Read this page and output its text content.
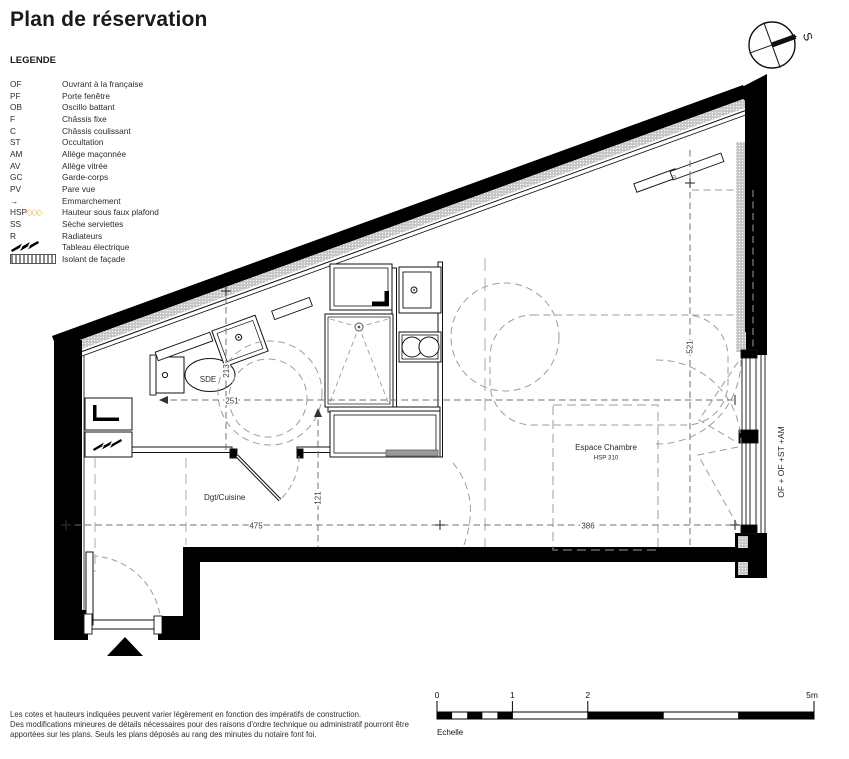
R
SDE
Dgt/Cuisine
Espace Chambre
HSP 310
475	386
251
121
213
521
OF + OF +ST +AM
S
0	1	2	5m
Echelle
Plan de réservation
LEGENDE
OF	Ouvrant à la française
PF	Porte fenêtre
OB	Oscillo battant
F	Châssis fixe
C	Châssis coulissant
ST	Occultation
AM	Allège maçonnée
AV	Allège vitrée
GC	Garde-corps
PV	Pare vue
→	Emmarchement
HSP ◇◇◇	Hauteur sous faux plafond
SS	Sèche serviettes
R	Radiateurs
Tableau électrique
Isolant de façade
Les cotes et hauteurs indiquées peuvent varier légèrement en fonction des impératifs de construction.
Des modifications mineures de détails nécessaires pour des raisons d'ordre technique ou administratif pourront être
apportées sur les plans. Seuls les plans déposés au rang des minutes du notaire font foi.
